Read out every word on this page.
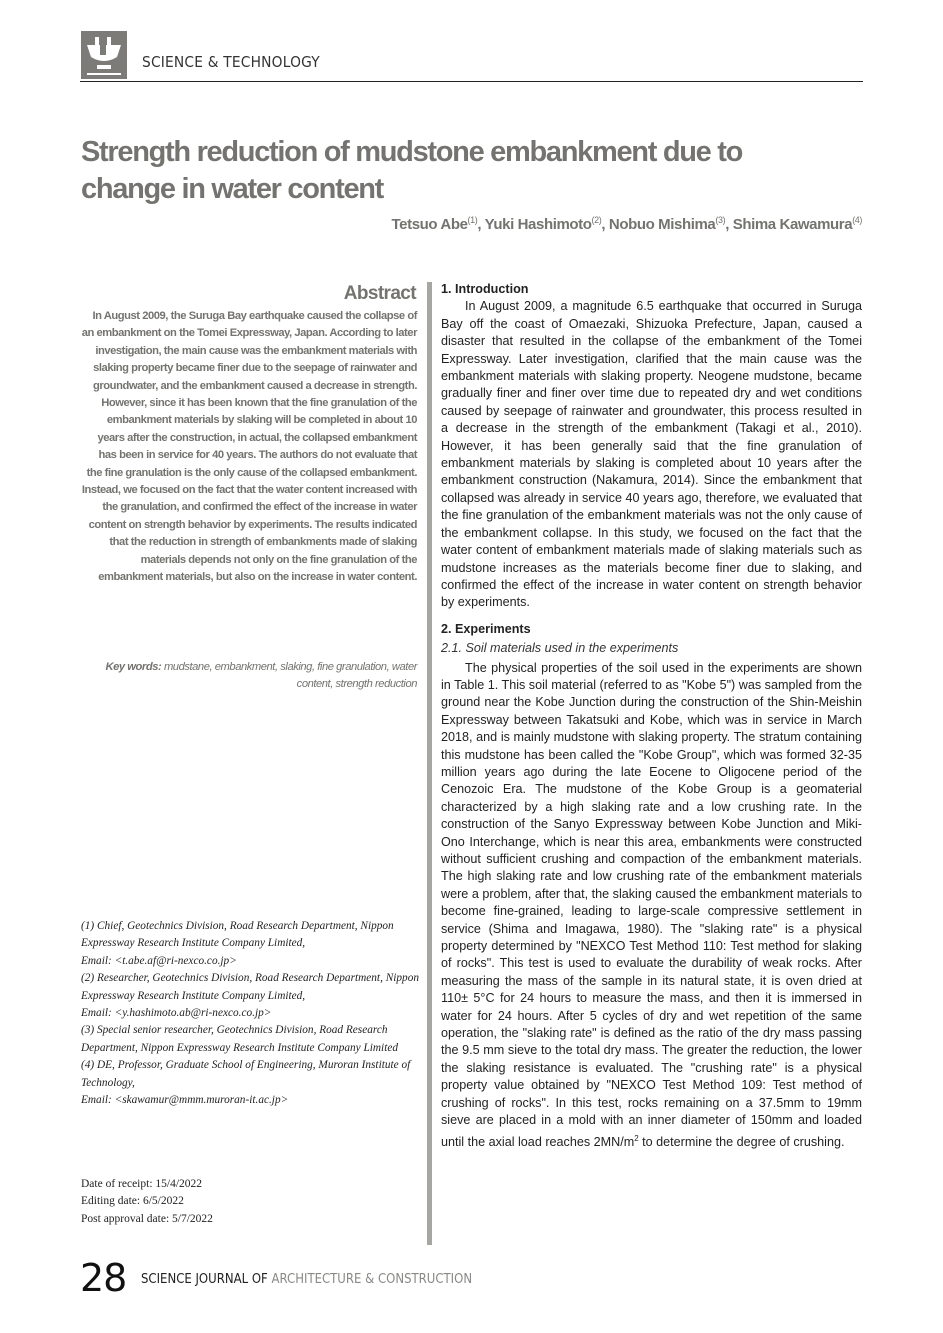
SCIENCE & TECHNOLOGY
Strength reduction of mudstone embankment due to change in water content
Tetsuo Abe$^{(1)}$, Yuki Hashimoto$^{(2)}$, Nobuo Mishima$^{(3)}$, Shima Kawamura$^{(4)}$
Abstract
In August 2009, the Suruga Bay earthquake caused the collapse of an embankment on the Tomei Expressway, Japan. According to later investigation, the main cause was the embankment materials with slaking property became finer due to the seepage of rainwater and groundwater, and the embankment caused a decrease in strength. However, since it has been known that the fine granulation of the embankment materials by slaking will be completed in about 10 years after the construction, in actual, the collapsed embankment has been in service for 40 years. The authors do not evaluate that the fine granulation is the only cause of the collapsed embankment. Instead, we focused on the fact that the water content increased with the granulation, and confirmed the effect of the increase in water content on strength behavior by experiments. The results indicated that the reduction in strength of embankments made of slaking materials depends not only on the fine granulation of the embankment materials, but also on the increase in water content.
Key words: mudstane, embankment, slaking, fine granulation, water content, strength reduction

(1) Chief, Geotechnics Division, Road Research Department, Nippon Expressway Research Institute Company Limited,

Email: <t.abe.af@ri-nexco.co.jp>

(2) Researcher, Geotechnics Division, Road Research Department, Nippon Expressway Research Institute Company Limited,

Email: <y.hashimoto.ab@ri-nexco.co.jp>

(3) Special senior researcher, Geotechnics Division, Road Research Department, Nippon Expressway Research Institute Company Limited

(4) DE, Professor, Graduate School of Engineering, Muroran Institute of Technology,

Email: <skawamur@mmm.muroran-it.ac.jp>

Date of receipt: 15/4/2022
Editing date: 6/5/2022
Post approval date: 5/7/2022
1. Introduction

In August 2009, a magnitude 6.5 earthquake that occurred in Suruga Bay off the coast of Omaezaki, Shizuoka Prefecture, Japan, caused a disaster that resulted in the collapse of the embankment of the Tomei Expressway. Later investigation, clarified that the main cause was the embankment materials with slaking property. Neogene mudstone, became gradually finer and finer over time due to repeated dry and wet conditions caused by seepage of rainwater and groundwater, this process resulted in a decrease in the strength of the embankment (Takagi et al., 2010). However, it has been generally said that the fine granulation of embankment materials by slaking is completed about 10 years after the embankment construction (Nakamura, 2014). Since the embankment that collapsed was already in service 40 years ago, therefore, we evaluated that the fine granulation of the embankment materials was not the only cause of the embankment collapse. In this study, we focused on the fact that the water content of embankment materials made of slaking materials such as mudstone increases as the materials become finer due to slaking, and confirmed the effect of the increase in water content on strength behavior by experiments.

2. Experiments
2.1. Soil materials used in the experiments

The physical properties of the soil used in the experiments are shown in Table 1. This soil material (referred to as "Kobe 5") was sampled from the ground near the Kobe Junction during the construction of the Shin-Meishin Expressway between Takatsuki and Kobe, which was in service in March 2018, and is mainly mudstone with slaking property. The stratum containing this mudstone has been called the "Kobe Group", which was formed 32-35 million years ago during the late Eocene to Oligocene period of the Cenozoic Era. The mudstone of the Kobe Group is a geomaterial characterized by a high slaking rate and a low crushing rate. In the construction of the Sanyo Expressway between Kobe Junction and Miki-Ono Interchange, which is near this area, embankments were constructed without sufficient crushing and compaction of the embankment materials. The high slaking rate and low crushing rate of the embankment materials were a problem, after that, the slaking caused the embankment materials to become fine-grained, leading to large-scale compressive settlement in service (Shima and Imagawa, 1980). The "slaking rate" is a physical property determined by "NEXCO Test Method 110: Test method for slaking of rocks". This test is used to evaluate the durability of weak rocks. After measuring the mass of the sample in its natural state, it is oven dried at 110± 5°C for 24 hours to measure the mass, and then it is immersed in water for 24 hours. After 5 cycles of dry and wet repetition of the same operation, the "slaking rate" is defined as the ratio of the dry mass passing the 9.5 mm sieve to the total dry mass. The greater the reduction, the lower the slaking resistance is evaluated. The "crushing rate" is a physical property value obtained by "NEXCO Test Method 109: Test method of crushing of rocks". In this test, rocks remaining on a 37.5mm to 19mm sieve are placed in a mold with an inner diameter of 150mm and loaded until the axial load reaches $2MN/m^2$ to determine the degree of crushing.

28 SCIENCE JOURNAL OF ARCHITECTURE & CONSTRUCTION
